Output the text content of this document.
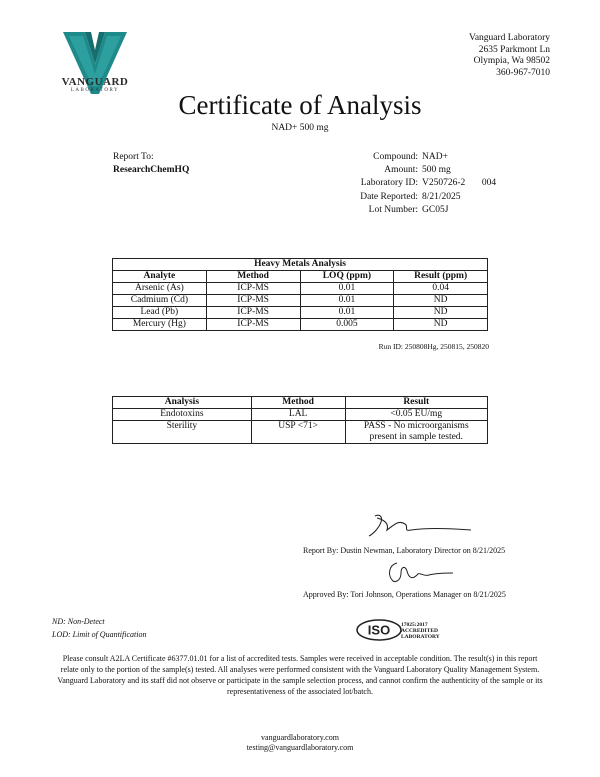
VANGUARD
LABORATORY
Vanguard Laboratory
2635 Parkmont Ln
Olympia, Wa 98502
360-967-7010
Certificate of Analysis
NAD+ 500 mg
Report To:
ResearchChemHQ
Compound: NAD+
Amount: 500 mg
Laboratory ID: V250726-2       004
Date Reported: 8/21/2025
Lot Number: GC05J
Heavy Metals Analysis			
Analyte	Method	LOQ (ppm)	Result (ppm)
Arsenic (As)	ICP-MS	0.01	0.04
Cadmium (Cd)	ICP-MS	0.01	ND
Lead (Pb)	ICP-MS	0.01	ND
Mercury (Hg)	ICP-MS	0.005	ND
Run ID: 250808Hg, 250815, 250820
Analysis	Method	Result
Endotoxins	LAL	<0.05 EU/mg
Sterility	USP <71>	PASS - No microorganisms present in sample tested.
Report By: Dustin Newman, Laboratory Director on 8/21/2025
Approved By: Tori Johnson, Operations Manager on 8/21/2025
ND: Non-Detect
LOD: Limit of Quantification	ISO 17025:2017
ACCREDITED
LABORATORY
Please consult A2LA Certificate #6377.01.01 for a list of accredited tests. Samples were received in acceptable condition. The result(s) in this report relate only to the portion of the sample(s) tested. All analyses were performed consistent with the Vanguard Laboratory Quality Management System. Vanguard Laboratory and its staff did not observe or participate in the sample selection process, and cannot confirm the authenticity of the sample or its representativeness of the associated lot/batch.
vanguardlaboratory.com
testing@vanguardlaboratory.com
